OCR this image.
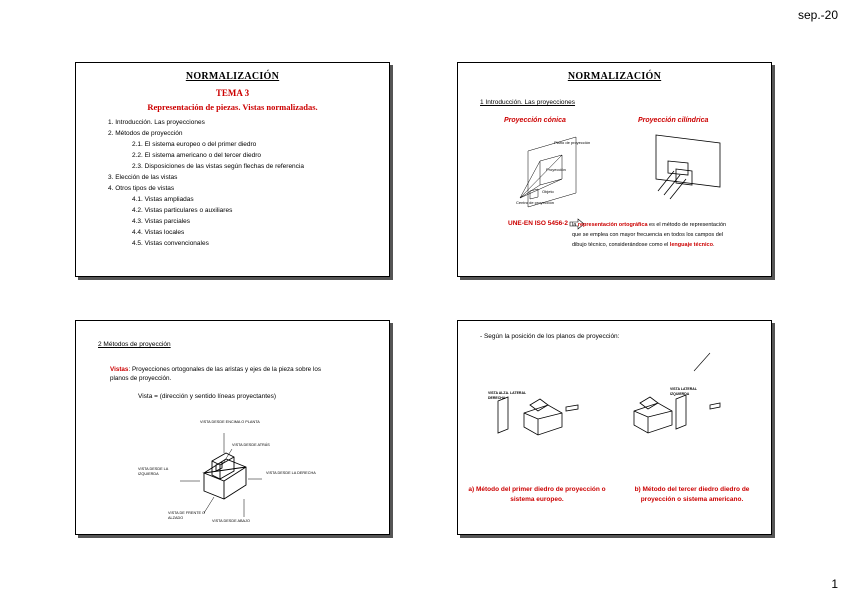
sep.-20
NORMALIZACIÓN
TEMA 3
Representación de piezas. Vistas normalizadas.
1. Introducción. Las proyecciones
2. Métodos de proyección
2.1. El sistema europeo o del primer diedro
2.2. El sistema americano o del tercer diedro
2.3. Disposiciones de las vistas según flechas de referencia
3. Elección de las vistas
4. Otros tipos de vistas
4.1. Vistas ampliadas
4.2. Vistas particulares o auxiliares
4.3. Vistas parciales
4.4. Vistas locales
4.5. Vistas convencionales
NORMALIZACIÓN
1 Introducción. Las proyecciones
Proyección cónica	Proyección cilíndrica
Plano de proyección
Proyección
Objeto
Centro de proyección
UNE-EN ISO 5456-2 la representación ortográfica es el método de representación que se emplea con mayor frecuencia en todos los campos del dibujo técnico, considerándose como el lenguaje técnico.
2 Métodos de proyección
Vistas: Proyecciones ortogonales de las aristas y ejes de la pieza sobre los planos de proyección.
Vista = (dirección y sentido líneas proyectantes)
VISTA DESDE ENCIMA O PLANTA
VISTA DESDE ATRÁS
VISTA DESDE LA IZQUIERDA	VISTA DESDE LA DERECHA
VISTA DE FRENTE O ALZADO
VISTA DESDE ABAJO
- Según la posición de los planos de proyección:
VISTA ALZA. LATERAL DERECHA
VISTA LATERAL IZQUIERDA
a) Método del primer diedro de proyección o sistema europeo.
b) Método del tercer diedro diedro de proyección o sistema americano.
1
